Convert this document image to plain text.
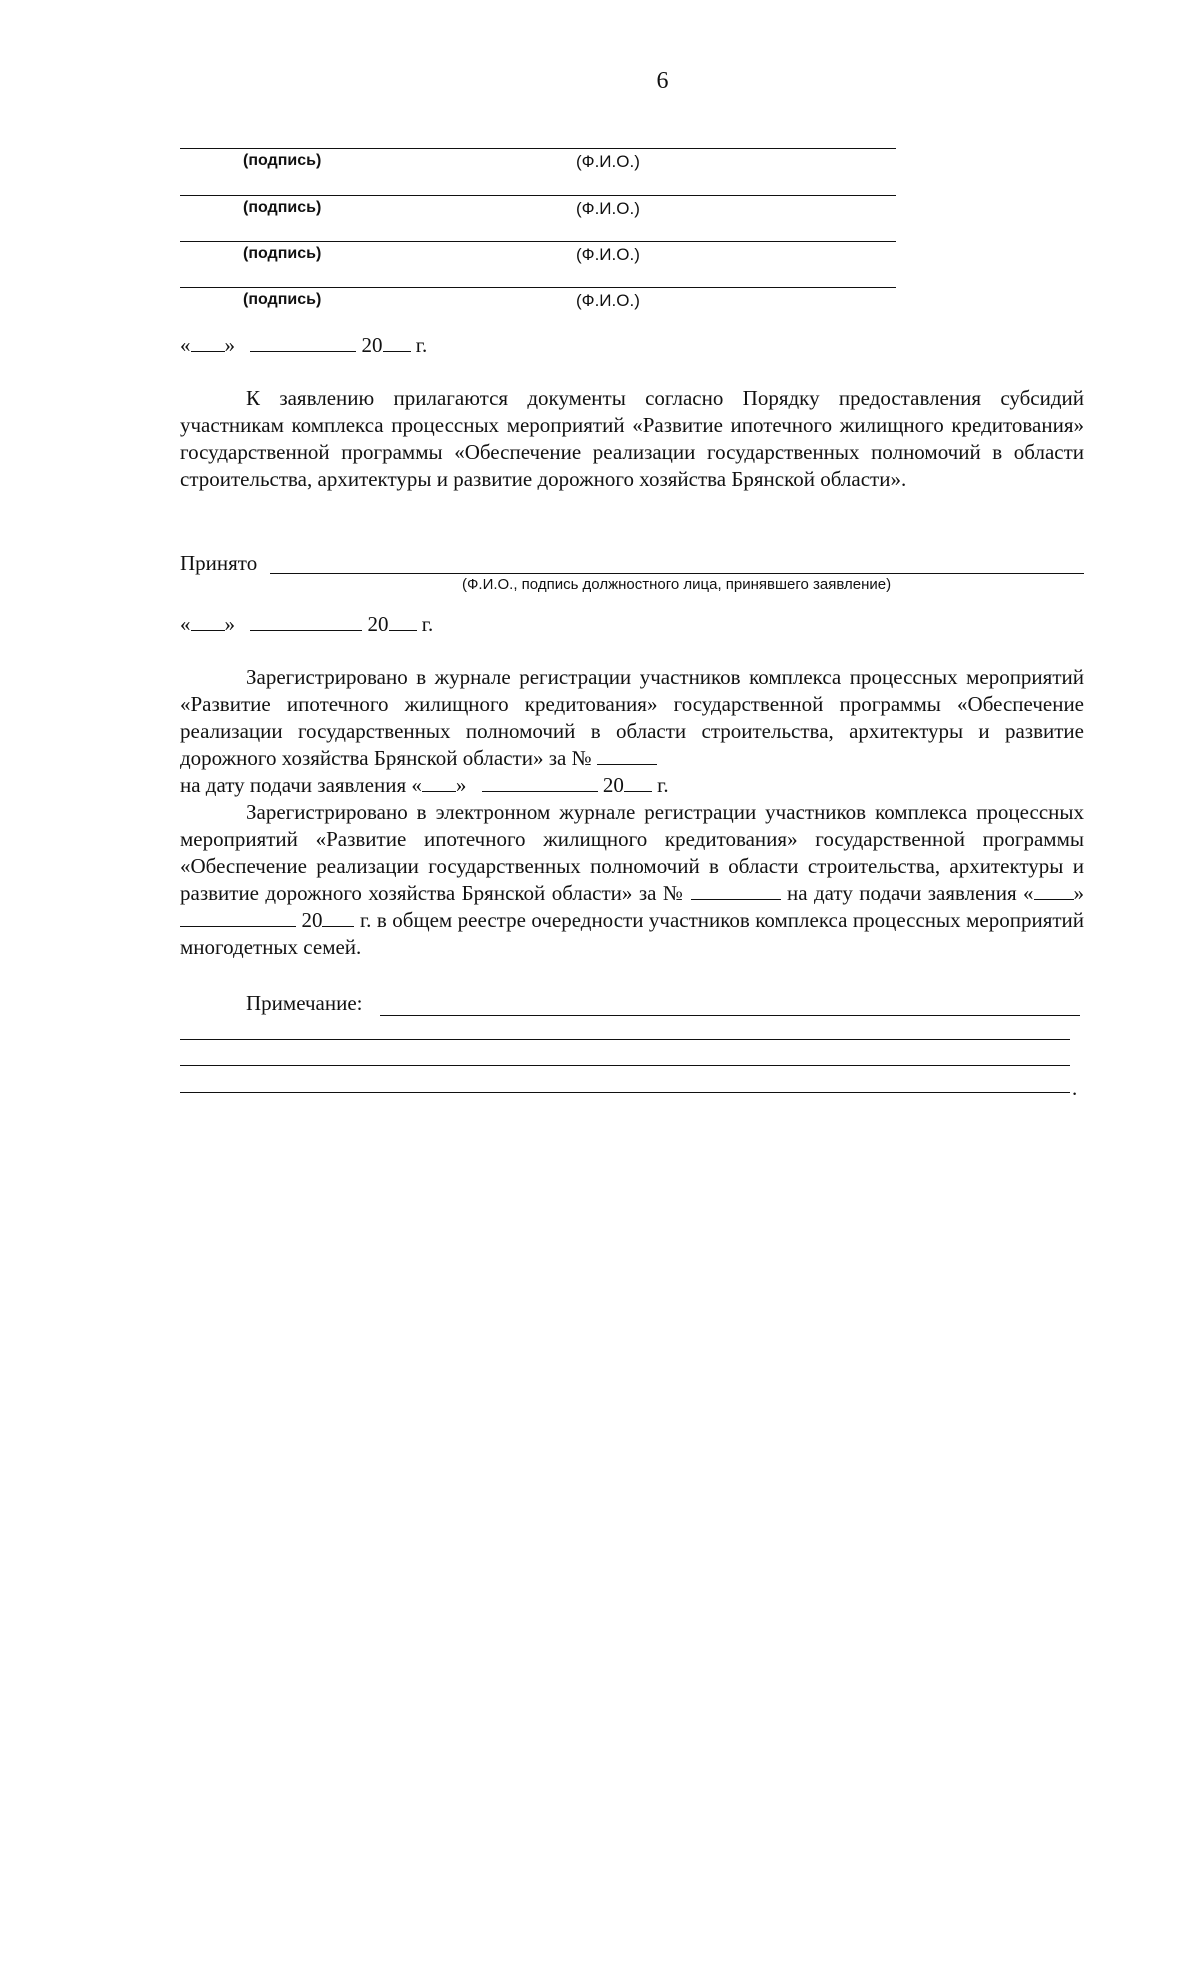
6
(подпись)	(Ф.И.О.)
(подпись)	(Ф.И.О.)
(подпись)	(Ф.И.О.)
(подпись)	(Ф.И.О.)
« »	20 г.

К заявлению прилагаются документы согласно Порядку предоставления субсидий участникам комплекса процессных мероприятий «Развитие ипотечного жилищного кредитования» государственной программы «Обеспечение реализации государственных полномочий в области строительства, архитектуры и развитие дорожного хозяйства Брянской области».

Принято
(Ф.И.О., подпись должностного лица, принявшего заявление)
« »	20 г.

Зарегистрировано в журнале регистрации участников комплекса процессных мероприятий «Развитие ипотечного жилищного кредитования» государственной программы «Обеспечение реализации государственных полномочий в области строительства, архитектуры и развитие дорожного хозяйства Брянской области» за №

на дату подачи заявления « »	20 г.

Зарегистрировано в электронном журнале регистрации участников комплекса процессных мероприятий «Развитие ипотечного жилищного кредитования» государственной программы «Обеспечение реализации государственных полномочий в области строительства, архитектуры и развитие дорожного хозяйства Брянской области» за №	на дату подачи заявления « » 20 г. в общем реестре очередности участников комплекса процессных мероприятий многодетных семей.

Примечание:
.
